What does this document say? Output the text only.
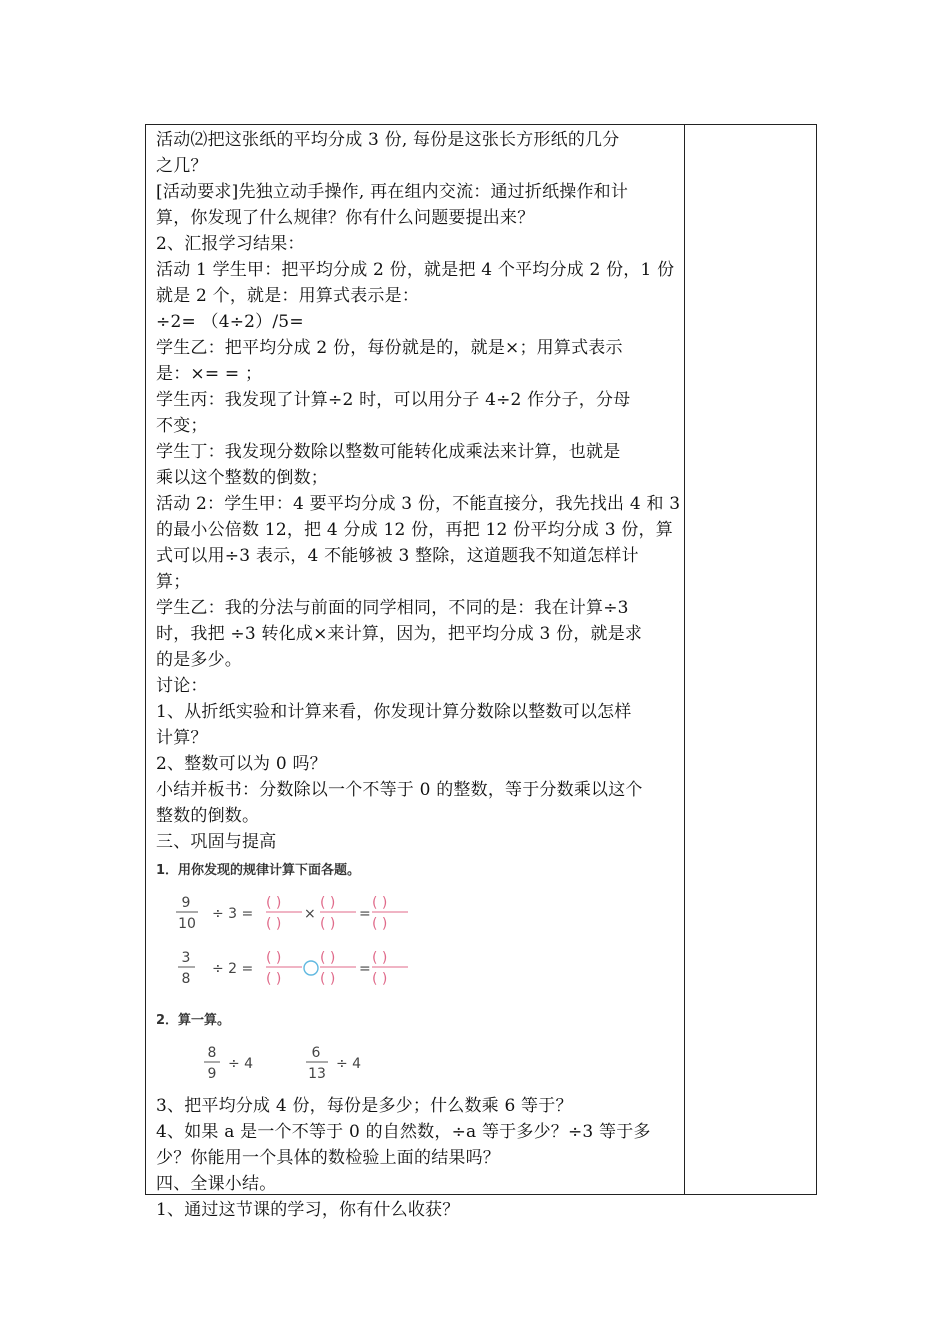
活动⑵把这张纸的平均分成 3 份, 每份是这张长方形纸的几分
之几？
[活动要求]先独立动手操作, 再在组内交流：通过折纸操作和计
算，你发现了什么规律？你有什么问题要提出来？
2、汇报学习结果：
活动 1 学生甲：把平均分成 2 份，就是把 4 个平均分成 2 份，1 份
就是 2 个，就是：用算式表示是：
÷2= （4÷2）/5=
学生乙：把平均分成 2 份，每份就是的，就是×；用算式表示
是：×= = ；
学生丙：我发现了计算÷2 时，可以用分子 4÷2 作分子，分母
不变；
学生丁：我发现分数除以整数可能转化成乘法来计算，也就是
乘以这个整数的倒数；
活动 2：学生甲：4 要平均分成 3 份，不能直接分，我先找出 4 和 3
的最小公倍数 12，把 4 分成 12 份，再把 12 份平均分成 3 份，算
式可以用÷3 表示，4 不能够被 3 整除，这道题我不知道怎样计
算；
学生乙：我的分法与前面的同学相同，不同的是：我在计算÷3
时，我把 ÷3 转化成×来计算，因为，把平均分成 3 份，就是求
的是多少。
讨论：
1、从折纸实验和计算来看，你发现计算分数除以整数可以怎样
计算？
2、整数可以为 0 吗？
小结并板书：分数除以一个不等于 0 的整数，等于分数乘以这个
整数的倒数。
三、巩固与提高
1．用你发现的规律计算下面各题。
9
10
÷ 3 =
( )
( )
×
( )
( )
=
( )
( )
3
8
÷ 2 =
( )
( )
( )
( )
=
( )
( )
8
9
÷ 4
6
13
÷ 4
2．算一算。
3、把平均分成 4 份，每份是多少；什么数乘 6 等于？
4、如果 a 是一个不等于 0 的自然数，÷a 等于多少？÷3 等于多
少？你能用一个具体的数检验上面的结果吗？
四、全课小结。
1、通过这节课的学习，你有什么收获？
